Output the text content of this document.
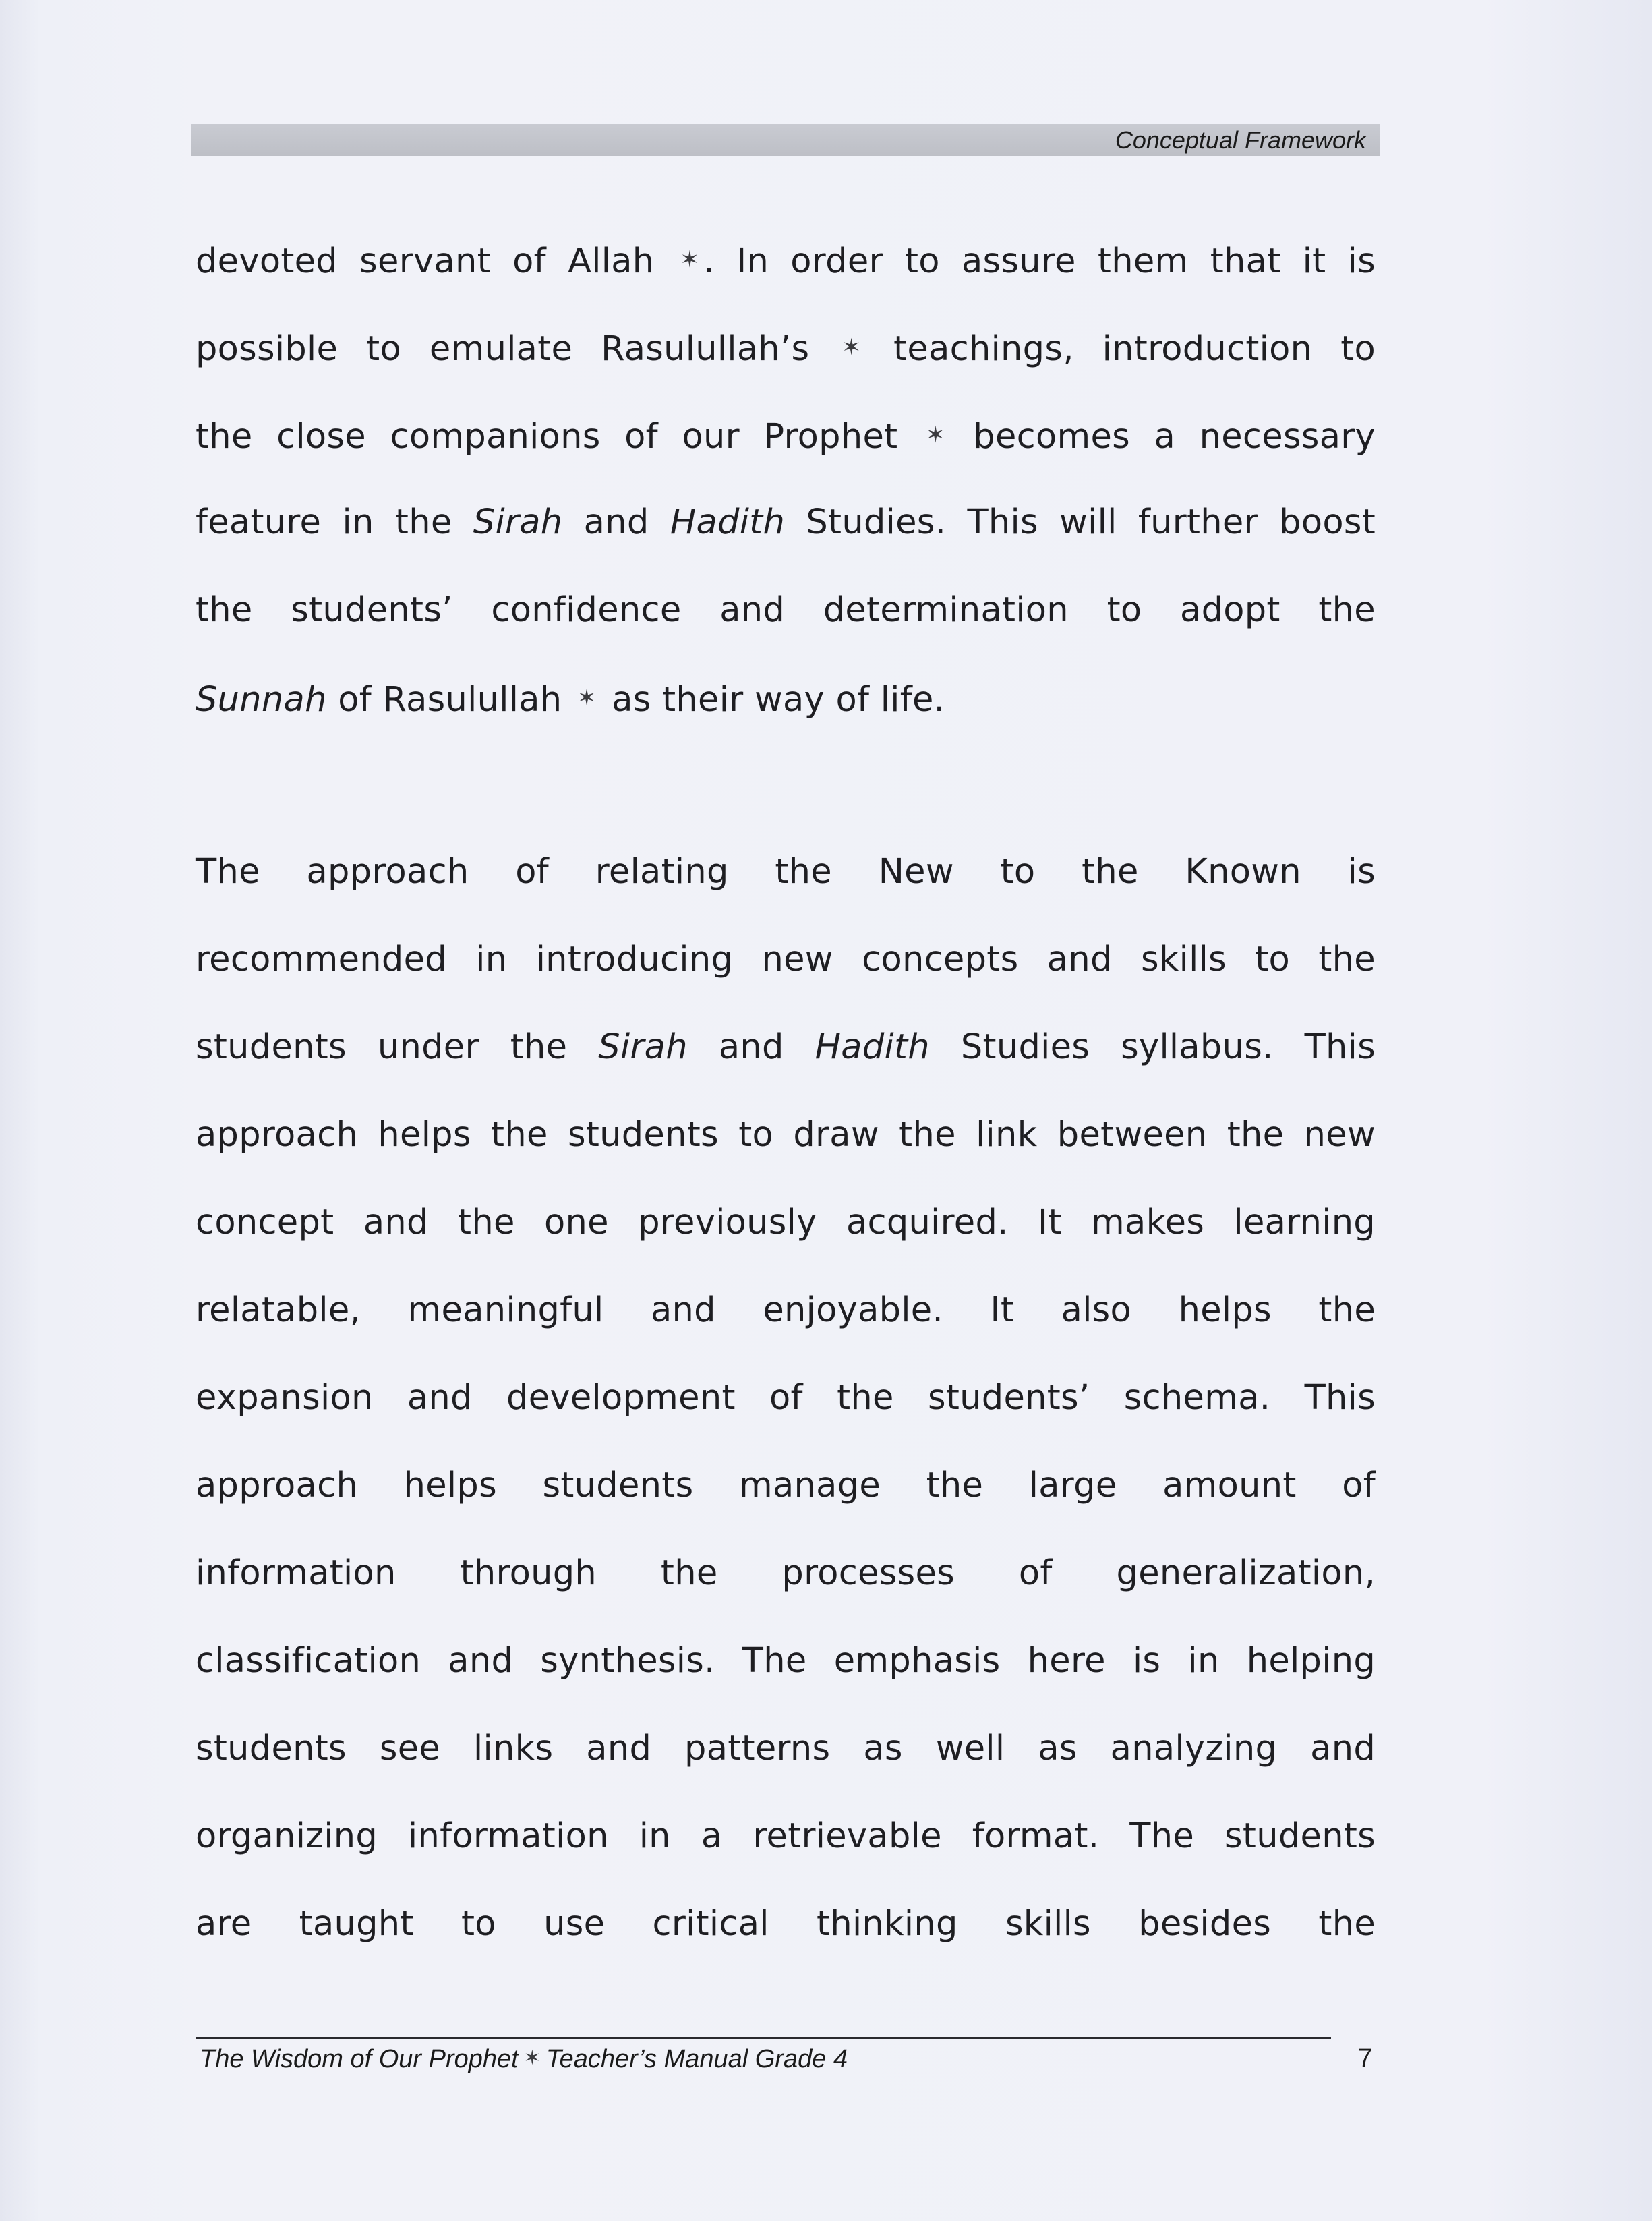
Conceptual Framework
devoted servant of Allah ✶ . In order to assure them that it is
possible to emulate Rasulullah’s ✶ teachings, introduction to
the close companions of our Prophet ✶ becomes a necessary
feature in the Sirah and Hadith Studies. This will further boost
the students’ confidence and determination to adopt the
Sunnah of Rasulullah ✶ as their way of life.
The approach of relating the New to the Known is
recommended in introducing new concepts and skills to the
students under the Sirah and Hadith Studies syllabus. This
approach helps the students to draw the link between the new
concept and the one previously acquired. It makes learning
relatable, meaningful and enjoyable. It also helps the
expansion and development of the students’ schema. This
approach helps students manage the large amount of
information through the processes of generalization,
classification and synthesis. The emphasis here is in helping
students see links and patterns as well as analyzing and
organizing information in a retrievable format. The students
are taught to use critical thinking skills besides the
The Wisdom of Our Prophet ✶ Teacher’s Manual Grade 4	7
